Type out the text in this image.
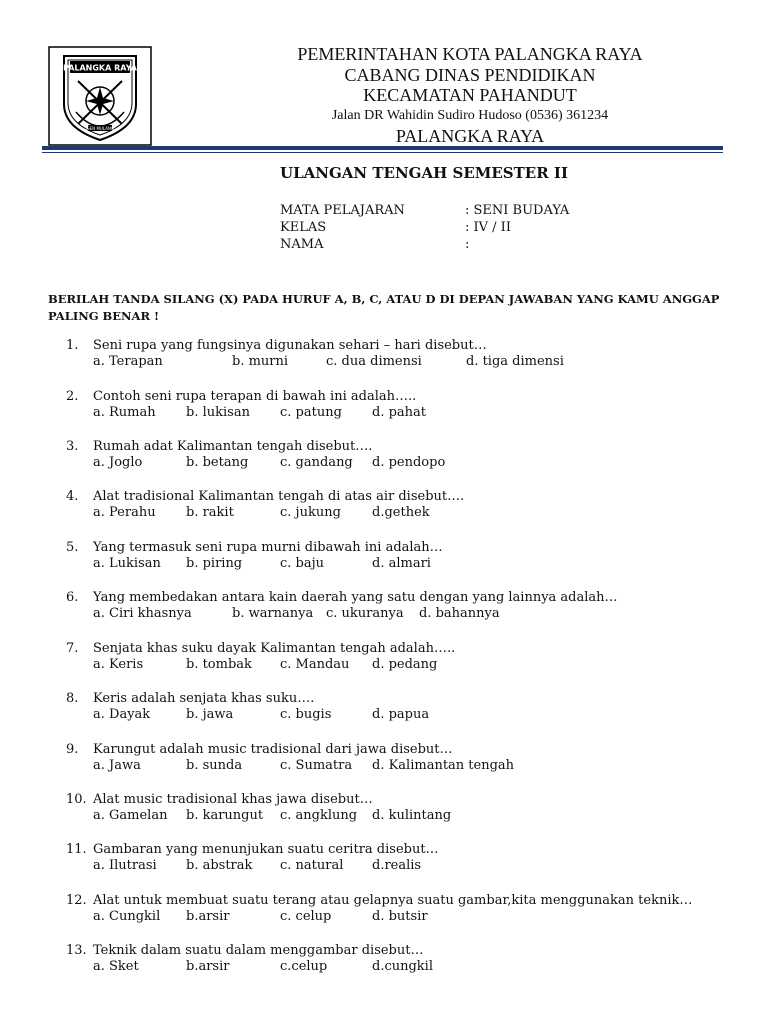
PALANGKA RAYA
ISEN MULANG
PEMERINTAHAN KOTA PALANGKA RAYA
CABANG DINAS PENDIDIKAN
KECAMATAN PAHANDUT
Jalan DR Wahidin Sudiro Hudoso (0536) 361234
PALANGKA RAYA
ULANGAN TENGAH SEMESTER II
MATA PELAJARAN	: SENI BUDAYA
KELAS	: IV / II
NAMA	:
BERILAH TANDA SILANG (X) PADA HURUF A, B, C, ATAU D DI DEPAN JAWABAN YANG KAMU ANGGAP PALING BENAR !
1.	Seni rupa yang fungsinya digunakan sehari – hari disebut…
a. Terapan	b. murni	c. dua dimensi	d. tiga dimensi
2.	Contoh seni rupa terapan di bawah ini adalah…..
a. Rumah b. lukisan c. patung d. pahat
3.	Rumah adat Kalimantan tengah disebut….
a. Joglo	b. betang c. gandang d. pendopo
4.	Alat tradisional Kalimantan tengah di atas air disebut….
a. Perahu b. rakit	c. jukung d.gethek
5.	Yang termasuk seni rupa murni dibawah ini adalah…
a. Lukisan b. piring	c. baju	d. almari
6.	Yang membedakan antara kain daerah yang satu dengan yang lainnya adalah…
a. Ciri khasnya	b. warnanya c. ukuranya d. bahannya
7.	Senjata khas suku dayak Kalimantan tengah adalah…..
a. Keris	b. tombak c. Mandau d. pedang
8.	Keris adalah senjata khas suku….
a. Dayak	b. jawa	c. bugis	d. papua
9.	Karungut adalah music tradisional dari jawa disebut…
a. Jawa	b. sunda	c. Sumatra d. Kalimantan tengah
10. Alat music tradisional khas jawa disebut…
a. Gamelan b. karungut c. angklung d. kulintang
11. Gambaran yang menunjukan suatu ceritra disebut…
a. Ilutrasi b. abstrak c. natural d.realis
12. Alat untuk membuat suatu terang atau gelapnya suatu gambar,kita menggunakan teknik…
a. Cungkil b.arsir	c. celup	d. butsir
13. Teknik dalam suatu dalam menggambar disebut…
a. Sket	b.arsir	c.celup	d.cungkil
